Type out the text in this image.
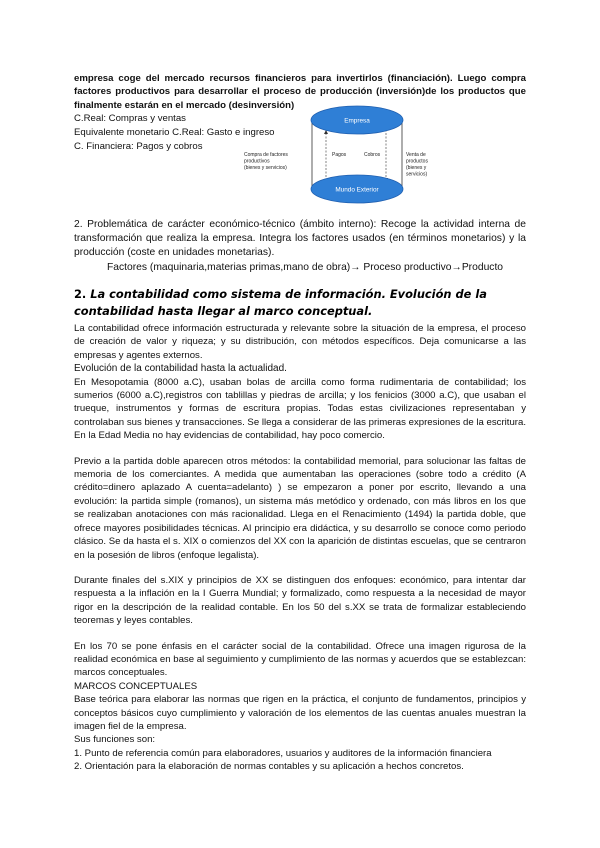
empresa coge del mercado recursos financieros para invertirlos (financiación). Luego compra factores productivos para desarrollar el proceso de producción (inversión)de los productos que finalmente estarán en el mercado (desinversión)

C.Real: Compras y ventas

Equivalente monetario C.Real: Gasto e ingreso

C. Financiera: Pagos y cobros

Empresa
Mundo Exterior
Pagos	Cobros
Compra de factores
productivos
(bienes y servicios)
Venta de
productos
(bienes y
servicios)

2. Problemática de carácter económico-técnico (ámbito interno): Recoge la actividad interna de transformación que realiza la empresa. Integra los factores usados (en términos monetarios) y la producción (coste en unidades monetarias).

Factores (maquinaria,materias primas,mano de obra)→ Proceso productivo→Producto

2. La contabilidad como sistema de información. Evolución de la contabilidad hasta llegar al marco conceptual.

La contabilidad ofrece información estructurada y relevante sobre la situación de la empresa, el proceso de creación de valor y riqueza; y su distribución, con métodos específicos. Deja comunicarse a las empresas y agentes externos.
Evolución de la contabilidad hasta la actualidad.
En Mesopotamia (8000 a.C), usaban bolas de arcilla como forma rudimentaria de contabilidad; los sumerios (6000 a.C),registros con tablillas y piedras de arcilla; y los fenicios (3000 a.C), que usaban el trueque, instrumentos y formas de escritura propias. Todas estas civilizaciones representaban y controlaban sus bienes y transacciones. Se llega a considerar de las primeras expresiones de la escritura. En la Edad Media no hay evidencias de contabilidad, hay poco comercio.
Previo a la partida doble aparecen otros métodos: la contabilidad memorial, para solucionar las faltas de memoria de los comerciantes. A medida que aumentaban las operaciones (sobre todo a crédito (A crédito=dinero aplazado A cuenta=adelanto) ) se empezaron a poner por escrito, llevando a una evolución: la partida simple (romanos), un sistema más metódico y ordenado, con más libros en los que se realizaban anotaciones con más racionalidad. Llega en el Renacimiento (1494) la partida doble, que ofrece mayores posibilidades técnicas. Al principio era didáctica, y su desarrollo se conoce como periodo clásico. Se da hasta el s. XIX o comienzos del XX con la aparición de distintas escuelas, que se centraron en la posesión de libros (enfoque legalista).
Durante finales del s.XIX y principios de XX se distinguen dos enfoques: económico, para intentar dar respuesta a la inflación en la I Guerra Mundial; y formalizado, como respuesta a la necesidad de mayor rigor en la descripción de la realidad contable. En los 50 del s.XX se trata de formalizar estableciendo teoremas y leyes contables.
En los 70 se pone énfasis en el carácter social de la contabilidad. Ofrece una imagen rigurosa de la realidad económica en base al seguimiento y cumplimiento de las normas y acuerdos que se establezcan: marcos conceptuales.
MARCOS CONCEPTUALES
Base teórica para elaborar las normas que rigen en la práctica, el conjunto de fundamentos, principios y conceptos básicos cuyo cumplimiento y valoración de los elementos de las cuentas anuales muestran la imagen fiel de la empresa.
Sus funciones son:
1. Punto de referencia común para elaboradores, usuarios y auditores de la información financiera
2. Orientación para la elaboración de normas contables y su aplicación a hechos concretos.
